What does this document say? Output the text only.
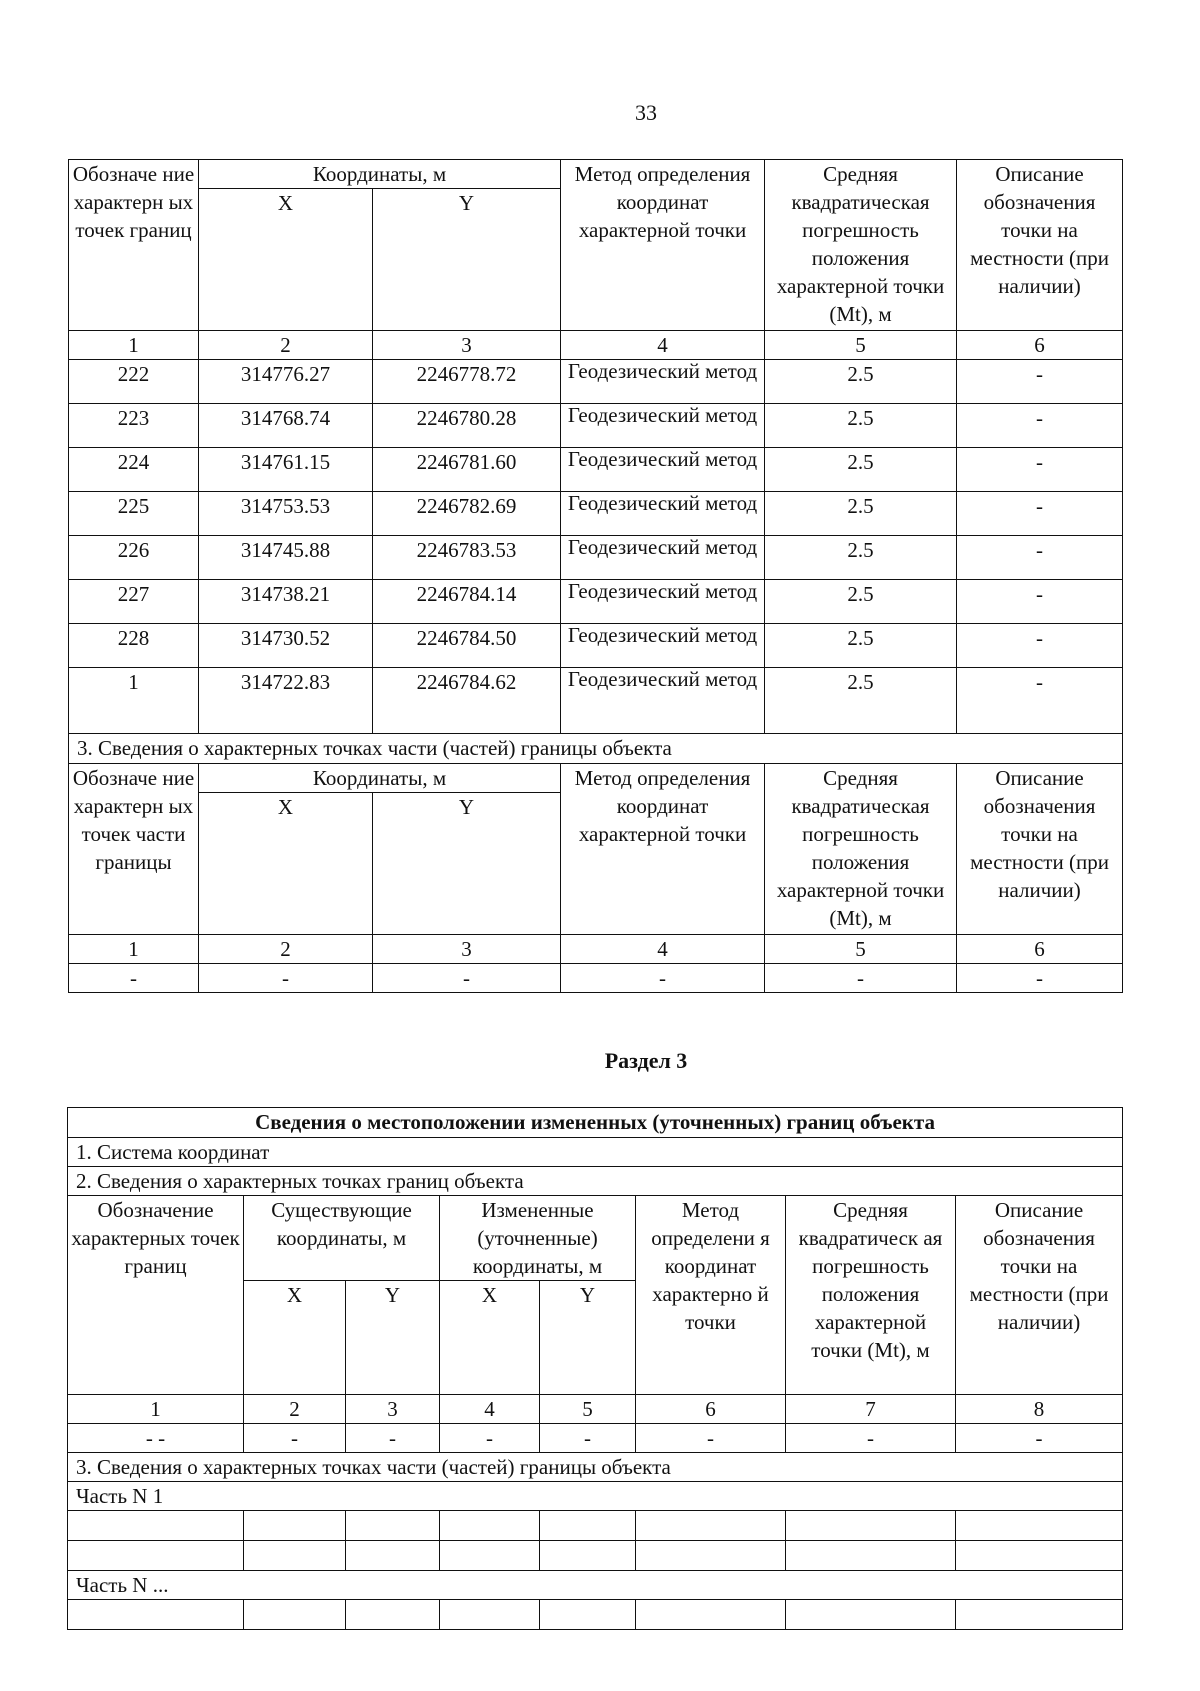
33
Обозначе ние характерн ых точек границ	Координаты, м		Метод определения координат характерной точки	Средняя квадратическая погрешность положения характерной точки (Mt), м	Описание обозначения точки на местности (при наличии)
	X	Y			
1	2	3	4	5	6
222	314776.27	2246778.72	Геодезический метод	2.5	-
223	314768.74	2246780.28	Геодезический метод	2.5	-
224	314761.15	2246781.60	Геодезический метод	2.5	-
225	314753.53	2246782.69	Геодезический метод	2.5	-
226	314745.88	2246783.53	Геодезический метод	2.5	-
227	314738.21	2246784.14	Геодезический метод	2.5	-
228	314730.52	2246784.50	Геодезический метод	2.5	-
1	314722.83	2246784.62	Геодезический метод	2.5	-
3. Сведения о характерных точках части (частей) границы объекта					
Обозначе ние характерн ых точек части границы	Координаты, м		Метод определения координат характерной точки	Средняя квадратическая погрешность положения характерной точки (Mt), м	Описание обозначения точки на местности (при наличии)
	X	Y			
1	2	3	4	5	6
-	-	-	-	-	-
Раздел 3
Сведения о местоположении измененных (уточненных) границ объекта							
1. Система координат							
2. Сведения о характерных точках границ объекта							
Обозначение характерных точек границ	Существующие координаты, м		Измененные (уточненные) координаты, м		Метод определени я координат характерно й точки	Средняя квадратическ ая погрешность положения характерной точки (Mt), м	Описание обозначения точки на местности (при наличии)
	X	Y	X	Y			
1	2	3	4	5	6	7	8
- -	-	-	-	-	-	-	-
3. Сведения о характерных точках части (частей) границы объекта							
Часть N 1							

Часть N ...							
